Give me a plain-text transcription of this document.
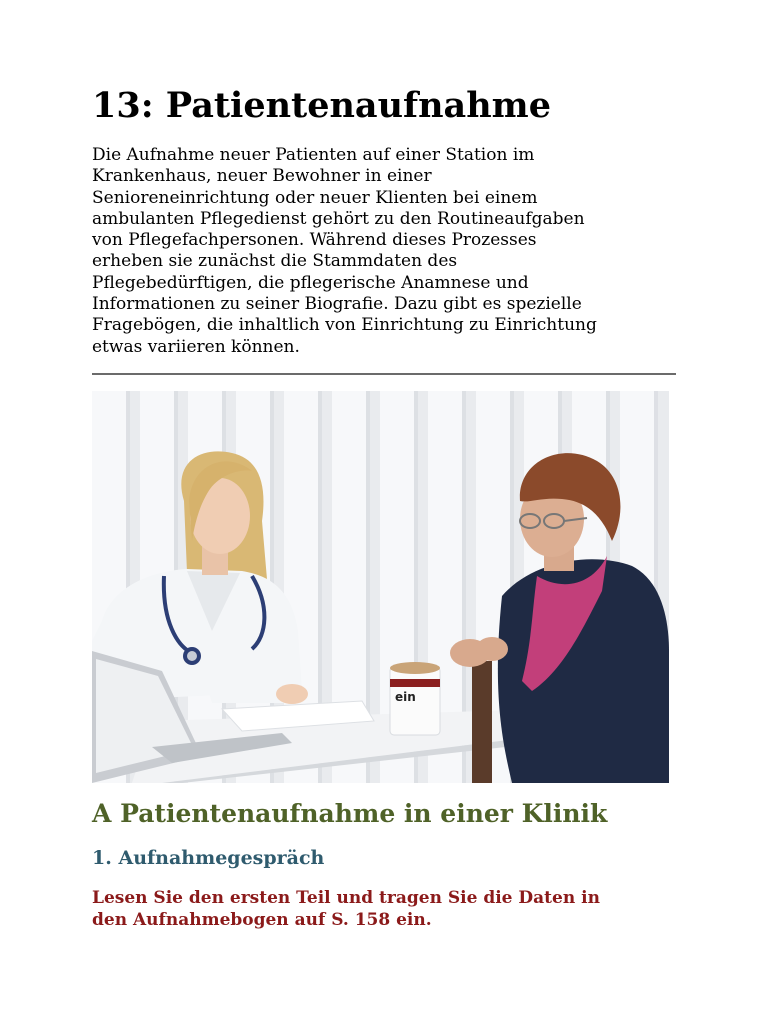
13: Patientenaufnahme

Die Aufnahme neuer Patienten auf einer Station im
Krankenhaus, neuer Bewohner in einer
Senioreneinrichtung oder neuer Klienten bei einem
ambulanten Pflegedienst gehört zu den Routineaufgaben
von Pflegefachpersonen. Während dieses Prozesses
erheben sie zunächst die Stammdaten des
Pflegebedürftigen, die pflegerische Anamnese und
Informationen zu seiner Biografie. Dazu gibt es spezielle
Fragebögen, die inhaltlich von Einrichtung zu Einrichtung
etwas variieren können.

ein
A Patientenaufnahme in einer Klinik
1. Aufnahmegespräch

Lesen Sie den ersten Teil und tragen Sie die Daten in
den Aufnahmebogen auf S. 158 ein.
